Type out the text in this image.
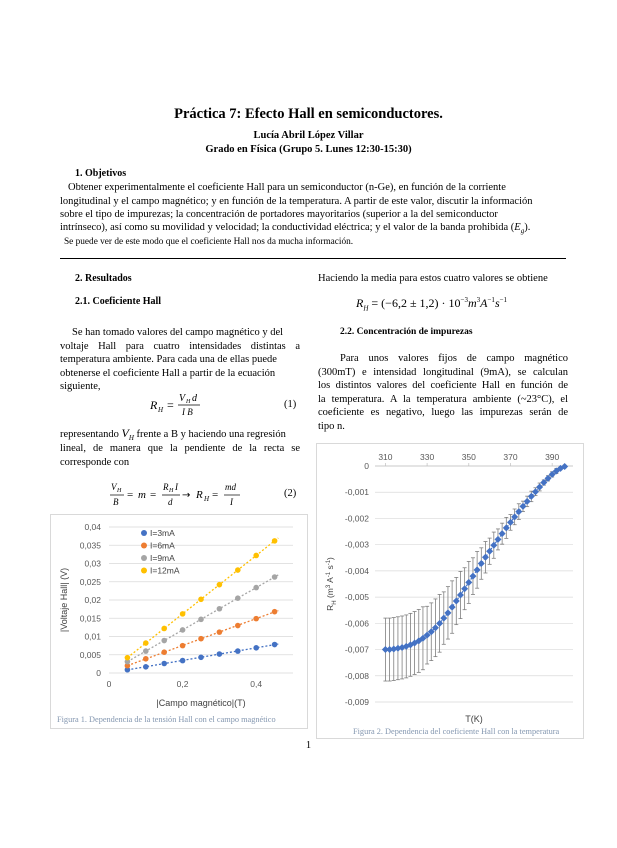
Práctica 7: Efecto Hall en semiconductores.
Lucía Abril López Villar
Grado en Física (Grupo 5. Lunes 12:30-15:30)
1. Objetivos
Obtener experimentalmente el coeficiente Hall para un semiconductor (n-Ge), en función de la corriente
longitudinal y el campo magnético; y en función de la temperatura. A partir de este valor, discutir la información
sobre el tipo de impurezas; la concentración de portadores mayoritarios (superior a la del semiconductor
intrínseco), así como su movilidad y velocidad; la conductividad eléctrica; y el valor de la banda prohibida $(E_g)$.
Se puede ver de este modo que el coeficiente Hall nos da mucha información.
2. Resultados
2.1. Coeficiente Hall
Se han tomado valores del campo magnético y del
voltaje Hall para cuatro intensidades distintas a
temperatura ambiente. Para cada una de ellas puede
obtenerse el coeficiente Hall a partir de la ecuación
siguiente,
R H = V H d
I B
(1)
representando $V_H$ frente a B y haciendo una regresión
lineal, de manera que la pendiente de la recta se
corresponde con
V H
B
= m =
R H I
d
→ R H =
md
I
(2)
0
0,005
0,01
0,015
0,02
0,025
0,03
0,035
0,04
0	0,2	0,4
|Campo magnético|(T)
|Voltaje Hall| (V)
I=3mA
I=6mA
I=9mA
I=12mA
Figura 1. Dependencia de la tensión Hall con el campo magnético
Haciendo la media para estos cuatro valores se obtiene
$R_H = (-6,2 \pm 1,2) \cdot 10^{-3}m^3A^{-1}s^{-1}$
2.2. Concentración de impurezas
Para unos valores fijos de campo magnético
(300mT) e intensidad longitudinal (9mA), se calculan
los distintos valores del coeficiente Hall en función de
la temperatura. A la temperatura ambiente (~23°C), el
coeficiente es negativo, luego las impurezas serán de
tipo n.
0
-0,001
-0,002
-0,003
-0,004
-0,005
-0,006
-0,007
-0,008
-0,009
310	330	350	370	390
T(K)
$R_H$ ($m^3$ $A^{-1}$ $s^{-1}$)
Figura 2. Dependencia del coeficiente Hall con la temperatura
1
